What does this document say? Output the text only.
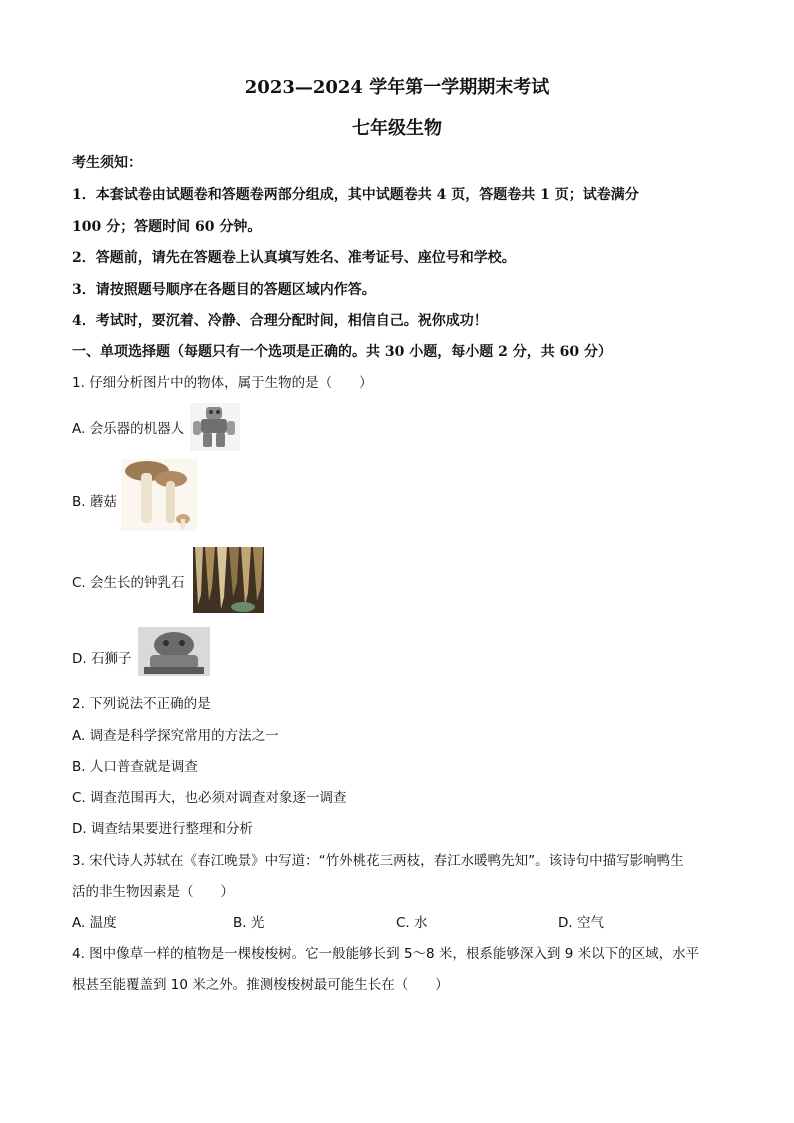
2023—2024 学年第一学期期末考试
七年级生物
考生须知：
1．本套试卷由试题卷和答题卷两部分组成，其中试题卷共 4 页，答题卷共 1 页；试卷满分
100 分；答题时间 60 分钟。
2．答题前，请先在答题卷上认真填写姓名、准考证号、座位号和学校。
3．请按照题号顺序在各题目的答题区域内作答。
4．考试时，要沉着、冷静、合理分配时间，相信自己。祝你成功！
一、单项选择题（每题只有一个选项是正确的。共 30 小题，每小题 2 分，共 60 分）
1. 仔细分析图片中的物体，属于生物的是（　　）
A. 会乐器的机器人
B. 蘑菇
C. 会生长的钟乳石
D. 石狮子
2. 下列说法不正确的是
A. 调查是科学探究常用的方法之一
B. 人口普查就是调查
C. 调查范围再大，也必须对调查对象逐一调查
D. 调查结果要进行整理和分析
3. 宋代诗人苏轼在《春江晚景》中写道：“竹外桃花三两枝，春江水暖鸭先知”。该诗句中描写影响鸭生
活的非生物因素是（　　）
A. 温度	B. 光	C. 水	D. 空气
4. 图中像草一样的植物是一棵梭梭树。它一般能够长到 5～8 米，根系能够深入到 9 米以下的区域，水平
根甚至能覆盖到 10 米之外。推测梭梭树最可能生长在（　　）
